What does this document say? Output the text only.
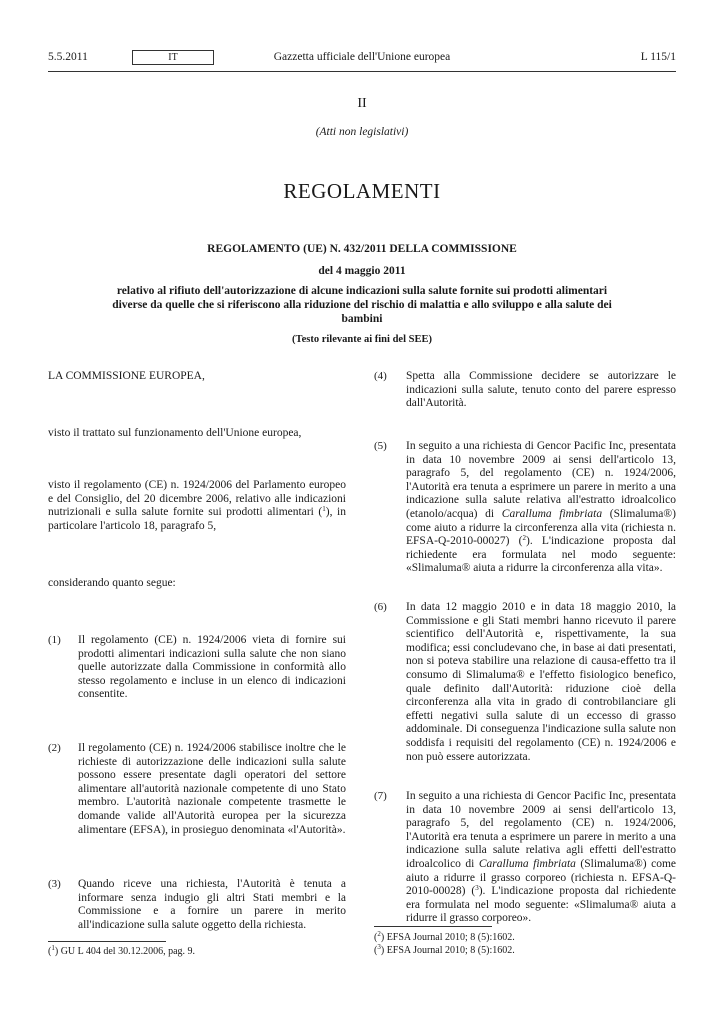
5.5.2011	IT	Gazzetta ufficiale dell'Unione europea	L 115/1
II
(Atti non legislativi)
REGOLAMENTI
REGOLAMENTO (UE) N. 432/2011 DELLA COMMISSIONE
del 4 maggio 2011
relativo al rifiuto dell'autorizzazione di alcune indicazioni sulla salute fornite sui prodotti alimentari diverse da quelle che si riferiscono alla riduzione del rischio di malattia e allo sviluppo e alla salute dei bambini
(Testo rilevante ai fini del SEE)
LA COMMISSIONE EUROPEA,
visto il trattato sul funzionamento dell'Unione europea,
visto il regolamento (CE) n. 1924/2006 del Parlamento europeo e del Consiglio, del 20 dicembre 2006, relativo alle indicazioni nutrizionali e sulla salute fornite sui prodotti alimentari ($^1$), in particolare l'articolo 18, paragrafo 5,
considerando quanto segue:
(1) Il regolamento (CE) n. 1924/2006 vieta di fornire sui prodotti alimentari indicazioni sulla salute che non siano quelle autorizzate dalla Commissione in conformità allo stesso regolamento e incluse in un elenco di indicazioni consentite.
(2) Il regolamento (CE) n. 1924/2006 stabilisce inoltre che le richieste di autorizzazione delle indicazioni sulla salute possono essere presentate dagli operatori del settore alimentare all'autorità nazionale competente di uno Stato membro. L'autorità nazionale competente trasmette le domande valide all'Autorità europea per la sicurezza alimentare (EFSA), in prosieguo denominata «l'Autorità».
(3) Quando riceve una richiesta, l'Autorità è tenuta a informare senza indugio gli altri Stati membri e la Commissione e a fornire un parere in merito all'indicazione sulla salute oggetto della richiesta.
($^1$) GU L 404 del 30.12.2006, pag. 9.
(4) Spetta alla Commissione decidere se autorizzare le indicazioni sulla salute, tenuto conto del parere espresso dall'Autorità.
(5) In seguito a una richiesta di Gencor Pacific Inc, presentata in data 10 novembre 2009 ai sensi dell'articolo 13, paragrafo 5, del regolamento (CE) n. 1924/2006, l'Autorità era tenuta a esprimere un parere in merito a una indicazione sulla salute relativa all'estratto idroalcolico (etanolo/acqua) di Caralluma fimbriata (Slimaluma®) come aiuto a ridurre la circonferenza alla vita (richiesta n. EFSA-Q-2010-00027) ($^2$). L'indicazione proposta dal richiedente era formulata nel modo seguente: «Slimaluma® aiuta a ridurre la circonferenza alla vita».
(6) In data 12 maggio 2010 e in data 18 maggio 2010, la Commissione e gli Stati membri hanno ricevuto il parere scientifico dell'Autorità e, rispettivamente, la sua modifica; essi concludevano che, in base ai dati presentati, non si poteva stabilire una relazione di causa-effetto tra il consumo di Slimaluma® e l'effetto fisiologico benefico, quale definito dall'Autorità: riduzione cioè della circonferenza alla vita in grado di controbilanciare gli effetti negativi sulla salute di un eccesso di grasso addominale. Di conseguenza l'indicazione sulla salute non soddisfa i requisiti del regolamento (CE) n. 1924/2006 e non può essere autorizzata.
(7) In seguito a una richiesta di Gencor Pacific Inc, presentata in data 10 novembre 2009 ai sensi dell'articolo 13, paragrafo 5, del regolamento (CE) n. 1924/2006, l'Autorità era tenuta a esprimere un parere in merito a una indicazione sulla salute relativa agli effetti dell'estratto idroalcolico di Caralluma fimbriata (Slimaluma®) come aiuto a ridurre il grasso corporeo (richiesta n. EFSA-Q-2010-00028) ($^3$). L'indicazione proposta dal richiedente era formulata nel modo seguente: «Slimaluma® aiuta a ridurre il grasso corporeo».
($^2$) EFSA Journal 2010; 8 (5):1602.
($^3$) EFSA Journal 2010; 8 (5):1602.
